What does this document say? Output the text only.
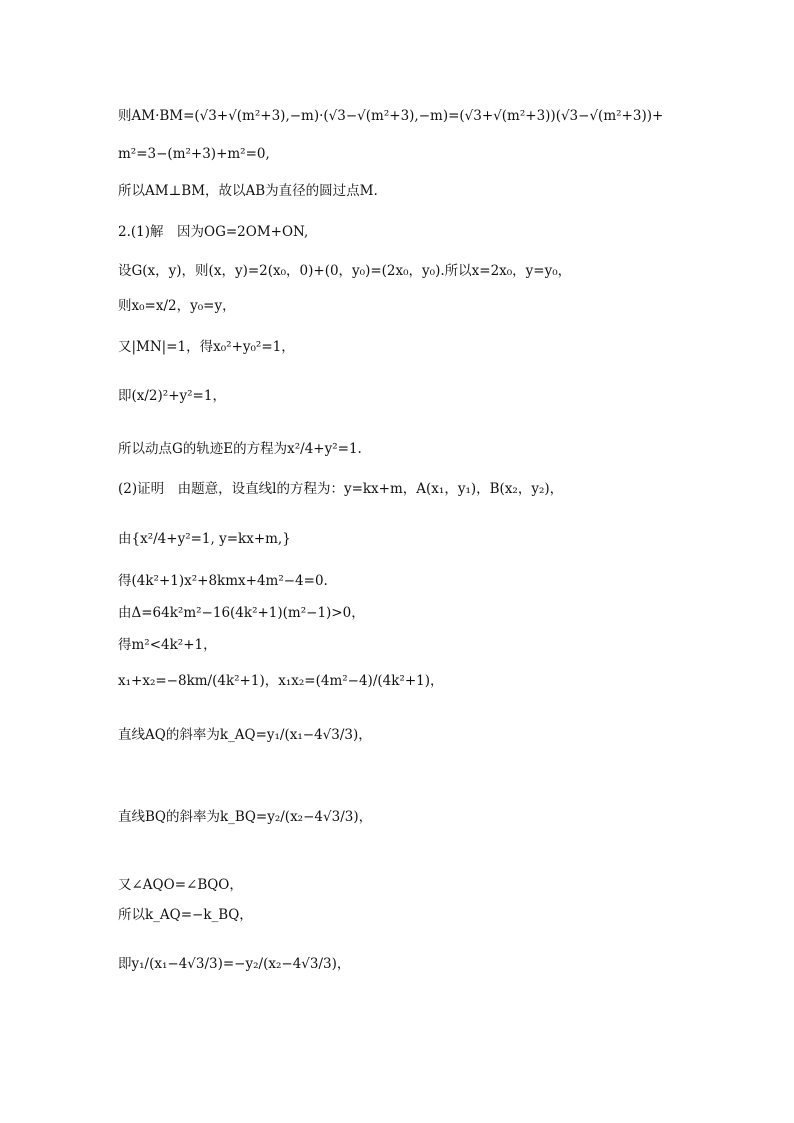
则AM·BM=(√3+√(m²+3),−m)·(√3−√(m²+3),−m)=(√3+√(m²+3))(√3−√(m²+3))+
m²=3−(m²+3)+m²=0,
所以AM⊥BM，故以AB为直径的圆过点M.
2.(1)解　因为OG=2OM+ON,
设G(x，y)，则(x，y)=2(x₀，0)+(0，y₀)=(2x₀，y₀).所以x=2x₀，y=y₀，
则x₀=x/2，y₀=y，
又|MN|=1，得x₀²+y₀²=1，
即(x/2)²+y²=1，
所以动点G的轨迹E的方程为x²/4+y²=1.
(2)证明　由题意，设直线l的方程为：y=kx+m，A(x₁，y₁)，B(x₂，y₂)，
由{x²/4+y²=1, y=kx+m,}
得(4k²+1)x²+8kmx+4m²−4=0.
由Δ=64k²m²−16(4k²+1)(m²−1)>0，
得m²<4k²+1，
x₁+x₂=−8km/(4k²+1)，x₁x₂=(4m²−4)/(4k²+1)，
直线AQ的斜率为k_AQ=y₁/(x₁−4√3/3)，
直线BQ的斜率为k_BQ=y₂/(x₂−4√3/3)，
又∠AQO=∠BQO，
所以k_AQ=−k_BQ，
即y₁/(x₁−4√3/3)=−y₂/(x₂−4√3/3)，
